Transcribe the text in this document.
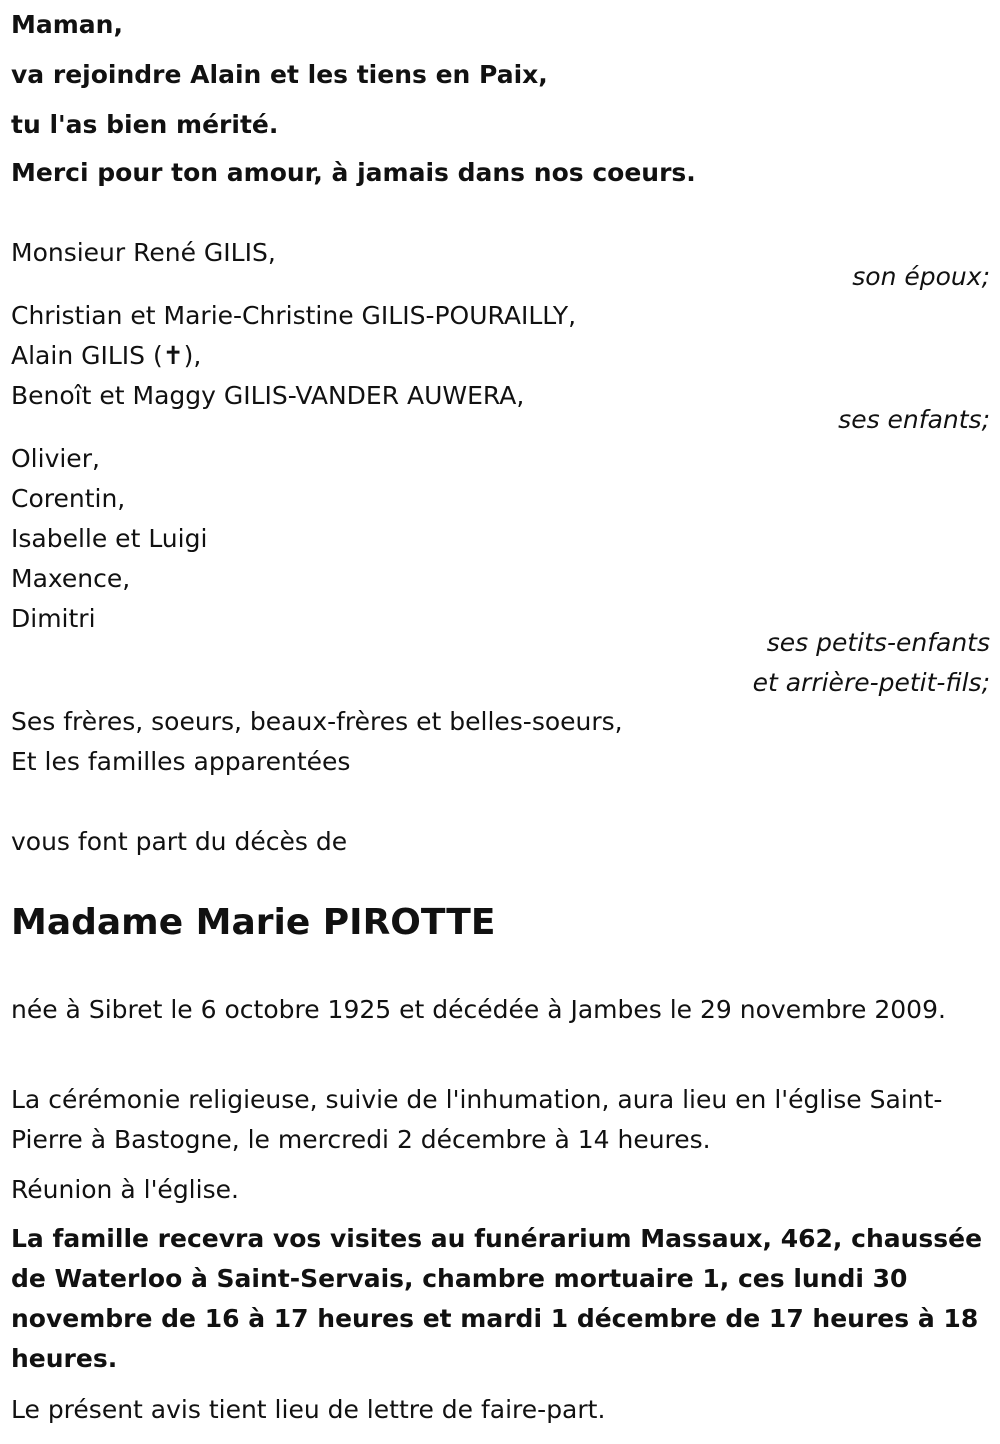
Maman,
va rejoindre Alain et les tiens en Paix,
tu l'as bien mérité.
Merci pour ton amour, à jamais dans nos coeurs.
Monsieur René GILIS,
son époux;
Christian et Marie-Christine GILIS-POURAILLY,
Alain GILIS (✝),
Benoît et Maggy GILIS-VANDER AUWERA,
ses enfants;
Olivier,
Corentin,
Isabelle et Luigi
Maxence,
Dimitri
ses petits-enfants
et arrière-petit-fils;
Ses frères, soeurs, beaux-frères et belles-soeurs,
Et les familles apparentées
vous font part du décès de
Madame Marie PIROTTE
née à Sibret le 6 octobre 1925 et décédée à Jambes le 29 novembre 2009.
La cérémonie religieuse, suivie de l'inhumation, aura lieu en l'église Saint-Pierre à Bastogne, le mercredi 2 décembre à 14 heures.
Réunion à l'église.
La famille recevra vos visites au funérarium Massaux, 462, chaussée de Waterloo à Saint-Servais, chambre mortuaire 1, ces lundi 30 novembre de 16 à 17 heures et mardi 1 décembre de 17 heures à 18 heures.
Le présent avis tient lieu de lettre de faire-part.
